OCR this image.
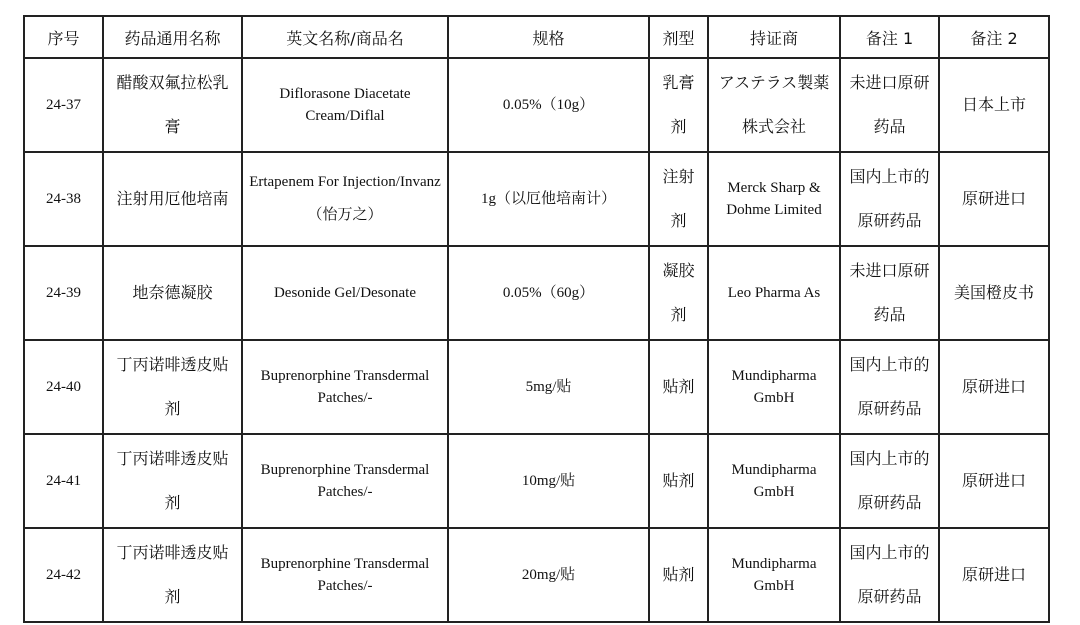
序号	药品通用名称	英文名称/商品名	规格	剂型	持证商	备注 1	备注 2
24-37	醋酸双氟拉松乳膏	Diflorasone Diacetate Cream/Diflal	0.05%（10g）	乳膏剂	アステラス製薬株式会社	未进口原研药品	日本上市
24-38	注射用厄他培南	Ertapenem For Injection/Invanz（怡万之）	1g（以厄他培南计）	注射剂	Merck Sharp & Dohme Limited	国内上市的原研药品	原研进口
24-39	地奈德凝胶	Desonide Gel/Desonate	0.05%（60g）	凝胶剂	Leo Pharma As	未进口原研药品	美国橙皮书
24-40	丁丙诺啡透皮贴剂	Buprenorphine Transdermal Patches/-	5mg/贴	贴剂	Mundipharma GmbH	国内上市的原研药品	原研进口
24-41	丁丙诺啡透皮贴剂	Buprenorphine Transdermal Patches/-	10mg/贴	贴剂	Mundipharma GmbH	国内上市的原研药品	原研进口
24-42	丁丙诺啡透皮贴剂	Buprenorphine Transdermal Patches/-	20mg/贴	贴剂	Mundipharma GmbH	国内上市的原研药品	原研进口
